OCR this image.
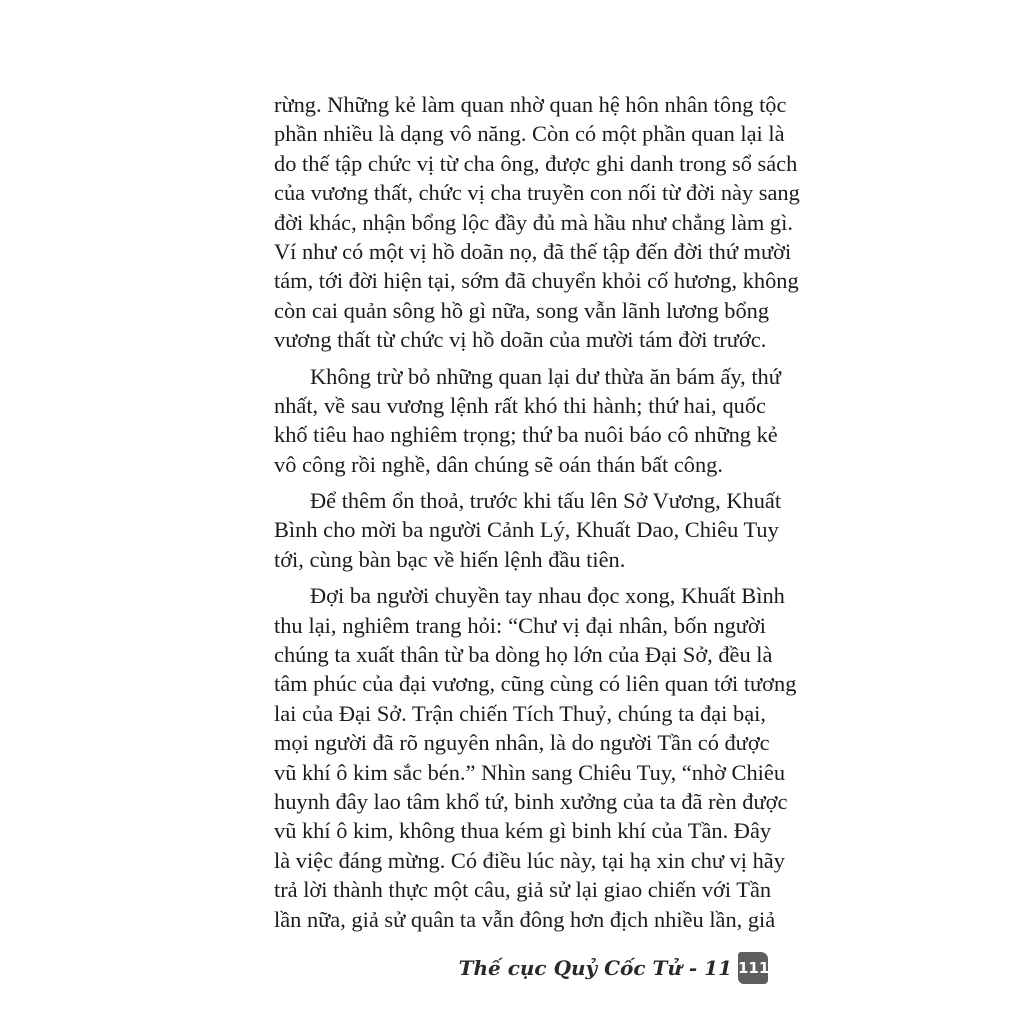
rừng. Những kẻ làm quan nhờ quan hệ hôn nhân tông tộc
phần nhiều là dạng vô năng. Còn có một phần quan lại là
do thế tập chức vị từ cha ông, được ghi danh trong sổ sách
của vương thất, chức vị cha truyền con nối từ đời này sang
đời khác, nhận bổng lộc đầy đủ mà hầu như chẳng làm gì.
Ví như có một vị hồ doãn nọ, đã thế tập đến đời thứ mười
tám, tới đời hiện tại, sớm đã chuyển khỏi cố hương, không
còn cai quản sông hồ gì nữa, song vẫn lãnh lương bổng
vương thất từ chức vị hồ doãn của mười tám đời trước.
Không trừ bỏ những quan lại dư thừa ăn bám ấy, thứ
nhất, về sau vương lệnh rất khó thi hành; thứ hai, quốc
khố tiêu hao nghiêm trọng; thứ ba nuôi báo cô những kẻ
vô công rồi nghề, dân chúng sẽ oán thán bất công.
Để thêm ổn thoả, trước khi tấu lên Sở Vương, Khuất
Bình cho mời ba người Cảnh Lý, Khuất Dao, Chiêu Tuy
tới, cùng bàn bạc về hiến lệnh đầu tiên.
Đợi ba người chuyền tay nhau đọc xong, Khuất Bình
thu lại, nghiêm trang hỏi: “Chư vị đại nhân, bốn người
chúng ta xuất thân từ ba dòng họ lớn của Đại Sở, đều là
tâm phúc của đại vương, cũng cùng có liên quan tới tương
lai của Đại Sở. Trận chiến Tích Thuỷ, chúng ta đại bại,
mọi người đã rõ nguyên nhân, là do người Tần có được
vũ khí ô kim sắc bén.” Nhìn sang Chiêu Tuy, “nhờ Chiêu
huynh đây lao tâm khổ tứ, binh xưởng của ta đã rèn được
vũ khí ô kim, không thua kém gì binh khí của Tần. Đây
là việc đáng mừng. Có điều lúc này, tại hạ xin chư vị hãy
trả lời thành thực một câu, giả sử lại giao chiến với Tần
lần nữa, giả sử quân ta vẫn đông hơn địch nhiều lần, giả
Thế cục Quỷ Cốc Tử - 11 111
